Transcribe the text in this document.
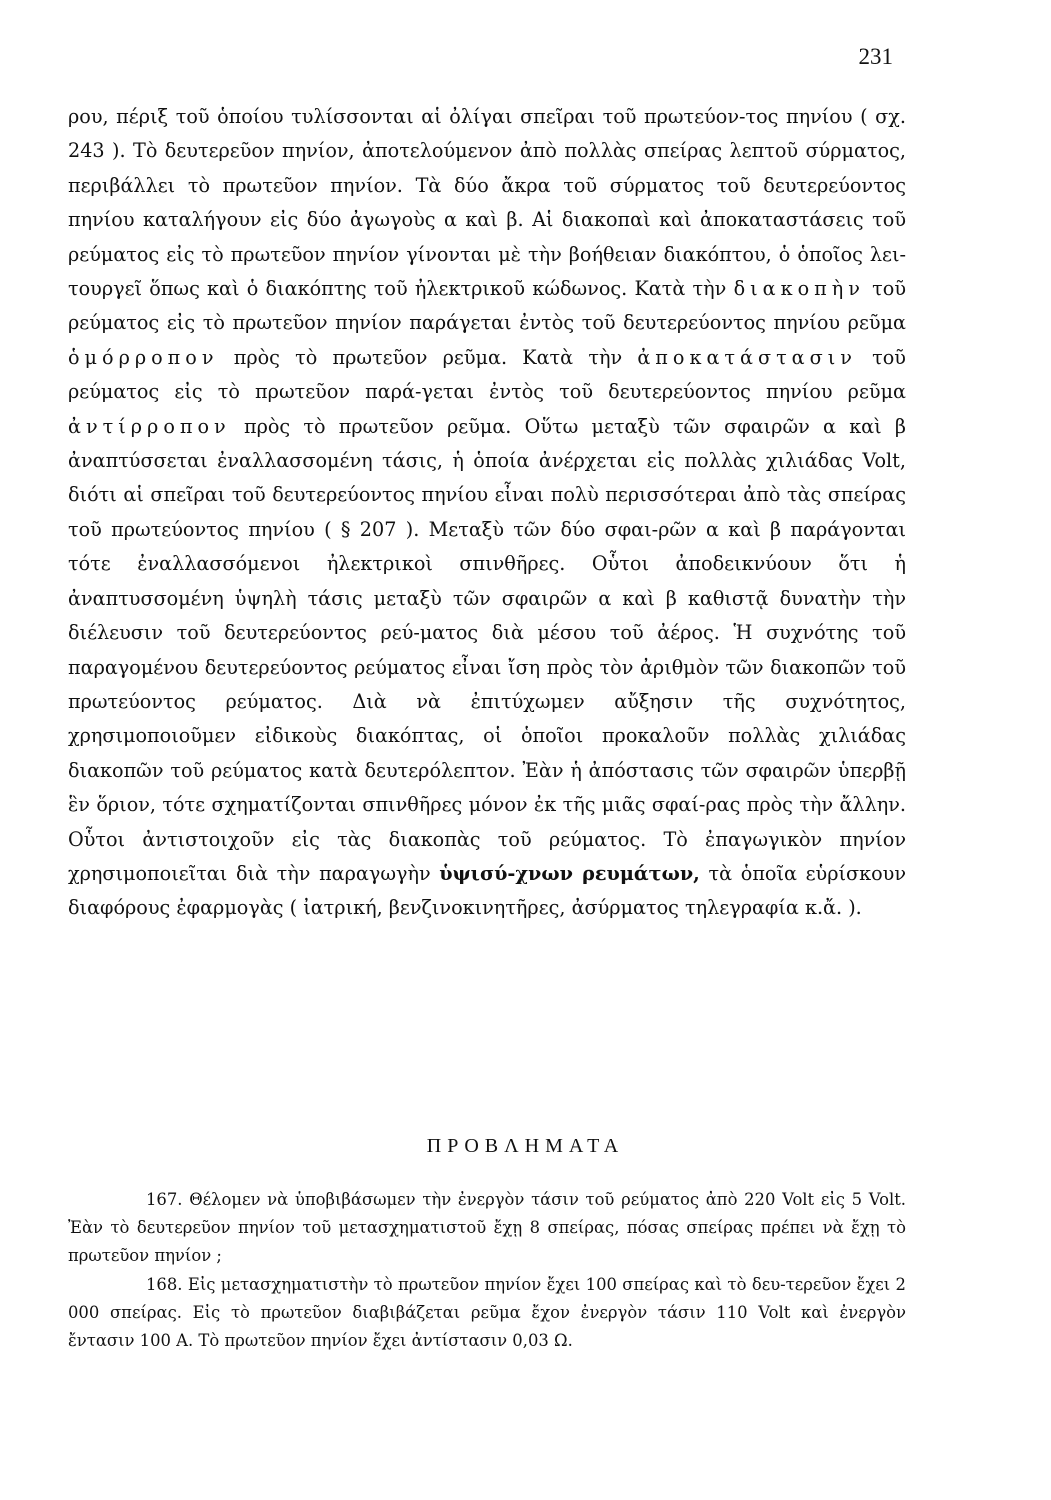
231

ρου, πέριξ τοῦ ὁποίου τυλίσσονται αἱ ὀλίγαι σπεῖραι τοῦ πρωτεύον-τος πηνίου ( σχ. 243 ). Τὸ δευτερεῦον πηνίον, ἀποτελούμενον ἀπὸ πολλὰς σπείρας λεπτοῦ σύρματος, περιβάλλει τὸ πρωτεῦον πηνίον. Τὰ δύο ἄκρα τοῦ σύρματος τοῦ δευτερεύοντος πηνίου καταλήγουν εἰς δύο ἀγωγοὺς α καὶ β. Αἱ διακοπαὶ καὶ ἀποκαταστάσεις τοῦ ρεύματος εἰς τὸ πρωτεῦον πηνίον γίνονται μὲ τὴν βοήθειαν διακόπτου, ὁ ὁποῖος λει-τουργεῖ ὅπως καὶ ὁ διακόπτης τοῦ ἠλεκτρικοῦ κώδωνος. Κατὰ τὴν διακοπὴν τοῦ ρεύματος εἰς τὸ πρωτεῦον πηνίον παράγεται ἐντὸς τοῦ δευτερεύοντος πηνίου ρεῦμα ὁμόρροπον πρὸς τὸ πρωτεῦον ρεῦμα. Κατὰ τὴν ἀποκατάστασιν τοῦ ρεύματος εἰς τὸ πρωτεῦον παρά-γεται ἐντὸς τοῦ δευτερεύοντος πηνίου ρεῦμα ἀντίρροπον πρὸς τὸ πρωτεῦον ρεῦμα. Οὕτω μεταξὺ τῶν σφαιρῶν α καὶ β ἀναπτύσσεται ἐναλλασσομένη τάσις, ἡ ὁποία ἀνέρχεται εἰς πολλὰς χιλιάδας Volt, διότι αἱ σπεῖραι τοῦ δευτερεύοντος πηνίου εἶναι πολὺ περισσότεραι ἀπὸ τὰς σπείρας τοῦ πρωτεύοντος πηνίου ( § 207 ). Μεταξὺ τῶν δύο σφαι-ρῶν α καὶ β παράγονται τότε ἐναλλασσόμενοι ἠλεκτρικοὶ σπινθῆρες. Οὗτοι ἀποδεικνύουν ὅτι ἡ ἀναπτυσσομένη ὑψηλὴ τάσις μεταξὺ τῶν σφαιρῶν α καὶ β καθιστᾷ δυνατὴν τὴν διέλευσιν τοῦ δευτερεύοντος ρεύ-ματος διὰ μέσου τοῦ ἀέρος. Ἡ συχνότης τοῦ παραγομένου δευτερεύοντος ρεύματος εἶναι ἴση πρὸς τὸν ἀριθμὸν τῶν διακοπῶν τοῦ πρωτεύοντος ρεύματος. Διὰ νὰ ἐπιτύχωμεν αὔξησιν τῆς συχνότητος, χρησιμοποιοῦμεν εἰδικοὺς διακόπτας, οἱ ὁποῖοι προκαλοῦν πολλὰς χιλιάδας διακοπῶν τοῦ ρεύματος κατὰ δευτερόλεπτον. Ἐὰν ἡ ἀπόστασις τῶν σφαιρῶν ὑπερβῇ ἓν ὅριον, τότε σχηματίζονται σπινθῆρες μόνον ἐκ τῆς μιᾶς σφαί-ρας πρὸς τὴν ἄλλην. Οὗτοι ἀντιστοιχοῦν εἰς τὰς διακοπὰς τοῦ ρεύματος. Τὸ ἐπαγωγικὸν πηνίον χρησιμοποιεῖται διὰ τὴν παραγωγὴν ὑψισύ-χνων ρευμάτων, τὰ ὁποῖα εὑρίσκουν διαφόρους ἐφαρμογὰς ( ἰατρική, βενζινοκινητῆρες, ἀσύρματος τηλεγραφία κ.ἄ. ).

ΠΡΟΒΛΗΜΑΤΑ

167. Θέλομεν νὰ ὑποβιβάσωμεν τὴν ἐνεργὸν τάσιν τοῦ ρεύματος ἀπὸ 220 Volt εἰς 5 Volt. Ἐὰν τὸ δευτερεῦον πηνίον τοῦ μετασχηματιστοῦ ἔχῃ 8 σπείρας, πόσας σπείρας πρέπει νὰ ἔχῃ τὸ πρωτεῦον πηνίον ;

168. Εἰς μετασχηματιστὴν τὸ πρωτεῦον πηνίον ἔχει 100 σπείρας καὶ τὸ δευ-τερεῦον ἔχει 2 000 σπείρας. Εἰς τὸ πρωτεῦον διαβιβάζεται ρεῦμα ἔχον ἐνεργὸν τάσιν 110 Volt καὶ ἐνεργὸν ἔντασιν 100 Α. Τὸ πρωτεῦον πηνίον ἔχει ἀντίστασιν 0,03 Ω.
